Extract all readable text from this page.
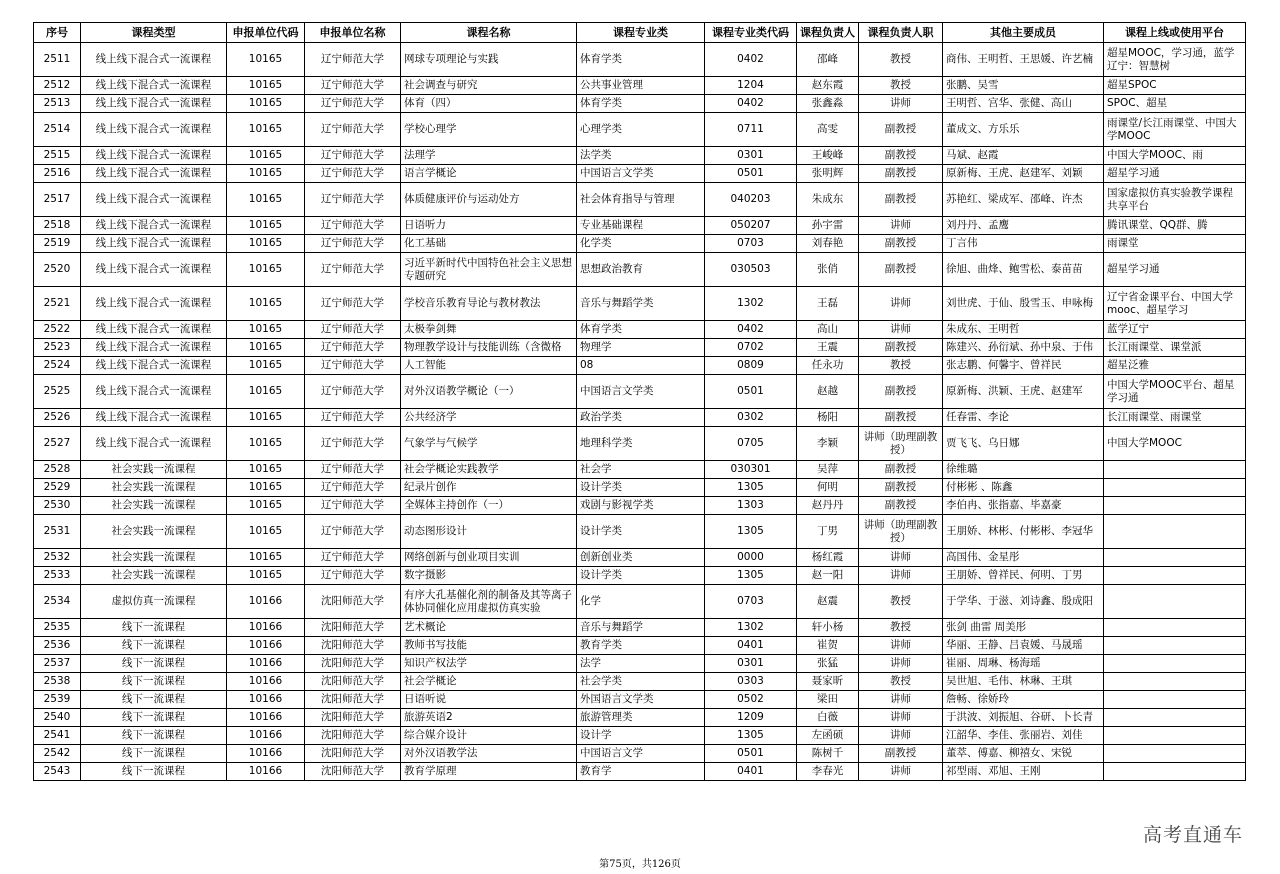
序号	课程类型	申报单位代码	申报单位名称	课程名称	课程专业类	课程专业类代码	课程负责人	课程负责人职	其他主要成员	课程上线或使用平台
2511	线上线下混合式一流课程	10165	辽宁师范大学	网球专项理论与实践	体育学类	0402	邵峰	教授	商伟、王明哲、王思媛、许艺楠	超星MOOC，学习通，蓝学辽宁：智慧树
2512	线上线下混合式一流课程	10165	辽宁师范大学	社会调查与研究	公共事业管理	1204	赵东霞	教授	张鹏、吴雪	超星SPOC
2513	线上线下混合式一流课程	10165	辽宁师范大学	体育（四）	体育学类	0402	张鑫淼	讲师	王明哲、宫华、张健、高山	SPOC、超星
2514	线上线下混合式一流课程	10165	辽宁师范大学	学校心理学	心理学类	0711	高雯	副教授	董成文、方乐乐	雨课堂/长江雨课堂、中国大学MOOC
2515	线上线下混合式一流课程	10165	辽宁师范大学	法理学	法学类	0301	王峻峰	副教授	马斌、赵霞	中国大学MOOC、雨
2516	线上线下混合式一流课程	10165	辽宁师范大学	语言学概论	中国语言文学类	0501	张明辉	副教授	原新梅、王虎、赵建军、刘颖	超星学习通
2517	线上线下混合式一流课程	10165	辽宁师范大学	体质健康评价与运动处方	社会体育指导与管理	040203	朱成东	副教授	苏艳红、梁成军、邵峰、许杰	国家虚拟仿真实验教学课程共享平台
2518	线上线下混合式一流课程	10165	辽宁师范大学	日语听力	专业基础课程	050207	孙宇雷	讲师	刘丹丹、孟鹰	腾讯课堂、QQ群、腾
2519	线上线下混合式一流课程	10165	辽宁师范大学	化工基础	化学类	0703	刘春艳	副教授	丁言伟	雨课堂
2520	线上线下混合式一流课程	10165	辽宁师范大学	习近平新时代中国特色社会主义思想专题研究	思想政治教育	030503	张俏	副教授	徐旭、曲烽、鲍雪松、泰苗苗	超星学习通
2521	线上线下混合式一流课程	10165	辽宁师范大学	学校音乐教育导论与教材教法	音乐与舞蹈学类	1302	王磊	讲师	刘世虎、于仙、殷雪玉、申咏梅	辽宁省金课平台、中国大学mooc、超星学习
2522	线上线下混合式一流课程	10165	辽宁师范大学	太极拳剑舞	体育学类	0402	高山	讲师	朱成东、王明哲	蓝学辽宁
2523	线上线下混合式一流课程	10165	辽宁师范大学	物理教学设计与技能训练（含微格	物理学	0702	王震	副教授	陈建兴、孙衍斌、孙中泉、于伟	长江雨课堂、课堂派
2524	线上线下混合式一流课程	10165	辽宁师范大学	人工智能	08	0809	任永功	教授	张志鹏、何馨宇、曾祥民	超星泛雅
2525	线上线下混合式一流课程	10165	辽宁师范大学	对外汉语教学概论（一）	中国语言文学类	0501	赵越	副教授	原新梅、洪颖、王虎、赵建军	中国大学MOOC平台、超星学习通
2526	线上线下混合式一流课程	10165	辽宁师范大学	公共经济学	政治学类	0302	杨阳	副教授	任春雷、李论	长江雨课堂、雨课堂
2527	线上线下混合式一流课程	10165	辽宁师范大学	气象学与气候学	地理科学类	0705	李颖	讲师（助理副教授）	贾飞飞、乌日娜	中国大学MOOC
2528	社会实践一流课程	10165	辽宁师范大学	社会学概论实践教学	社会学	030301	吴萍	副教授	徐维璐	
2529	社会实践一流课程	10165	辽宁师范大学	纪录片创作	设计学类	1305	何明	副教授	付彬彬 、陈鑫	
2530	社会实践一流课程	10165	辽宁师范大学	全媒体主持创作（一）	戏剧与影视学类	1303	赵丹丹	副教授	李伯冉、张指嘉、毕嘉豪	
2531	社会实践一流课程	10165	辽宁师范大学	动态图形设计	设计学类	1305	丁男	讲师（助理副教授）	王朋娇、林彬、付彬彬、李冠华	
2532	社会实践一流课程	10165	辽宁师范大学	网络创新与创业项目实训	创新创业类	0000	杨红霞	讲师	高国伟、金星彤	
2533	社会实践一流课程	10165	辽宁师范大学	数字摄影	设计学类	1305	赵一阳	讲师	王朋娇、曾祥民、何明、丁男	
2534	虚拟仿真一流课程	10166	沈阳师范大学	有序大孔基催化剂的制备及其等离子体协同催化应用虚拟仿真实验	化学	0703	赵震	教授	于学华、于滋、刘诗鑫、殷成阳	
2535	线下一流课程	10166	沈阳师范大学	艺术概论	音乐与舞蹈学	1302	轩小杨	教授	张剑 曲雷 周美彤	
2536	线下一流课程	10166	沈阳师范大学	教师书写技能	教育学类	0401	崔贺	讲师	华丽、王静、吕袁媛、马晟瑶	
2537	线下一流课程	10166	沈阳师范大学	知识产权法学	法学	0301	张猛	讲师	崔丽、周琳、杨海瑶	
2538	线下一流课程	10166	沈阳师范大学	社会学概论	社会学类	0303	聂家昕	教授	吴世旭、毛伟、林琳、王琪	
2539	线下一流课程	10166	沈阳师范大学	日语听说	外国语言文学类	0502	梁田	讲师	詹畅、徐娇玲	
2540	线下一流课程	10166	沈阳师范大学	旅游英语2	旅游管理类	1209	白薇	讲师	于洪波、刘振旭、谷研、卜长青	
2541	线下一流课程	10166	沈阳师范大学	综合媒介设计	设计学	1305	左函硕	讲师	江韶华、李佳、张丽岩、刘佳	
2542	线下一流课程	10166	沈阳师范大学	对外汉语教学法	中国语言文学	0501	陈树千	副教授	董萃、傅嘉、柳禧女、宋锐	
2543	线下一流课程	10166	沈阳师范大学	教育学原理	教育学	0401	李春光	讲师	祁型雨、邓旭、王刚	
高考直通车
第75页，共126页
